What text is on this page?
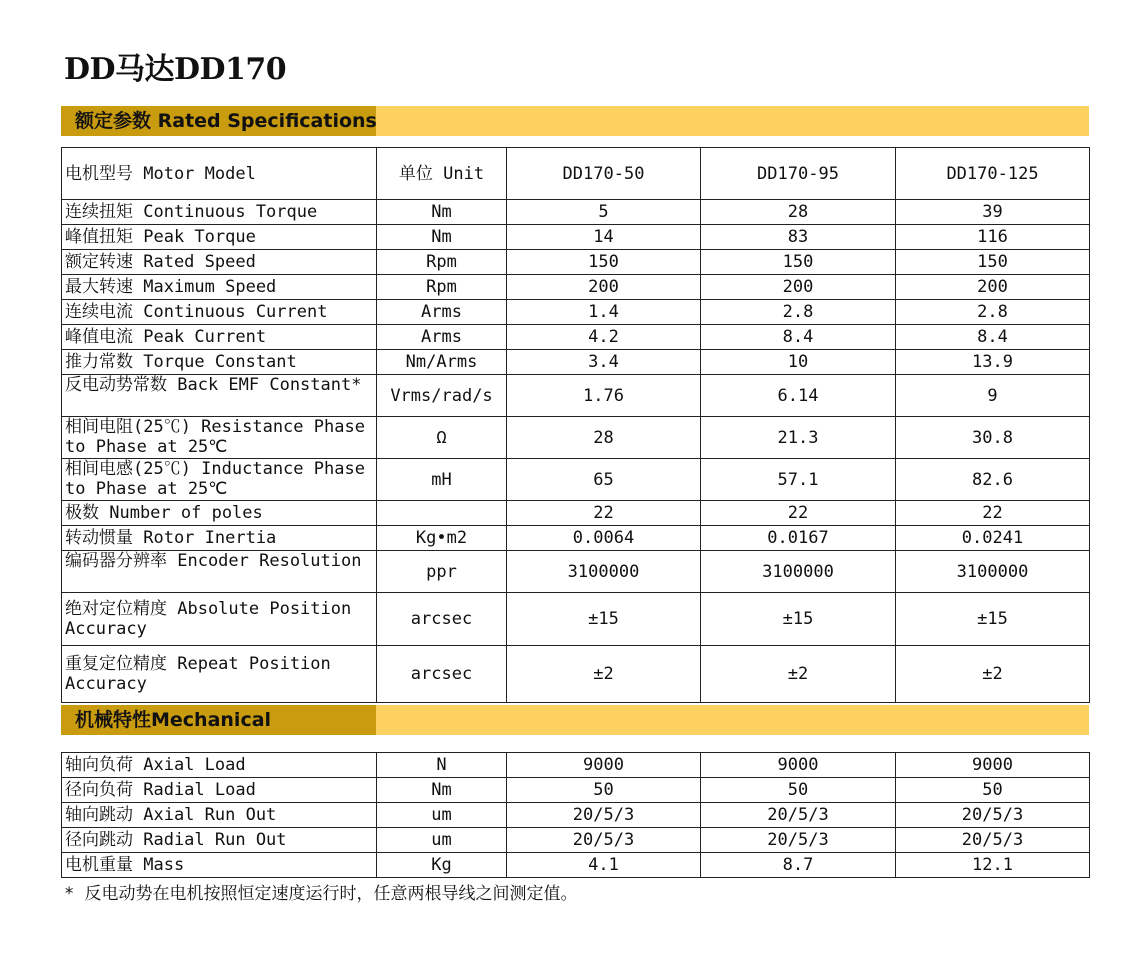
DD马达DD170
额定参数 Rated Specifications
电机型号 Motor Model	单位 Unit	DD170-50	DD170-95	DD170-125

连续扭矩 Continuous Torque	Nm	5	28	39

峰值扭矩 Peak Torque	Nm	14	83	116

额定转速 Rated Speed	Rpm	150	150	150

最大转速 Maximum Speed	Rpm	200	200	200

连续电流 Continuous Current	Arms	1.4	2.8	2.8

峰值电流 Peak Current	Arms	4.2	8.4	8.4

推力常数 Torque Constant	Nm/Arms	3.4	10	13.9

反电动势常数 Back EMF Constant*	Vrms/rad/s	1.76	6.14	9

相间电阻(25℃) Resistance Phase to Phase at 25℃	Ω	28	21.3	30.8

相间电感(25℃) Inductance Phase to Phase at 25℃	mH	65	57.1	82.6

极数 Number of poles		22	22	22

转动惯量 Rotor Inertia	Kg•m2	0.0064	0.0167	0.0241

编码器分辨率 Encoder Resolution	ppr	3100000	3100000	3100000

绝对定位精度 Absolute Position Accuracy	arcsec	±15	±15	±15

重复定位精度 Repeat Position Accuracy	arcsec	±2	±2	±2
机械特性Mechanical
轴向负荷 Axial Load	N	9000	9000	9000

径向负荷 Radial Load	Nm	50	50	50

轴向跳动 Axial Run Out	um	20/5/3	20/5/3	20/5/3

径向跳动 Radial Run Out	um	20/5/3	20/5/3	20/5/3

电机重量 Mass	Kg	4.1	8.7	12.1
* 反电动势在电机按照恒定速度运行时，任意两根导线之间测定值。
